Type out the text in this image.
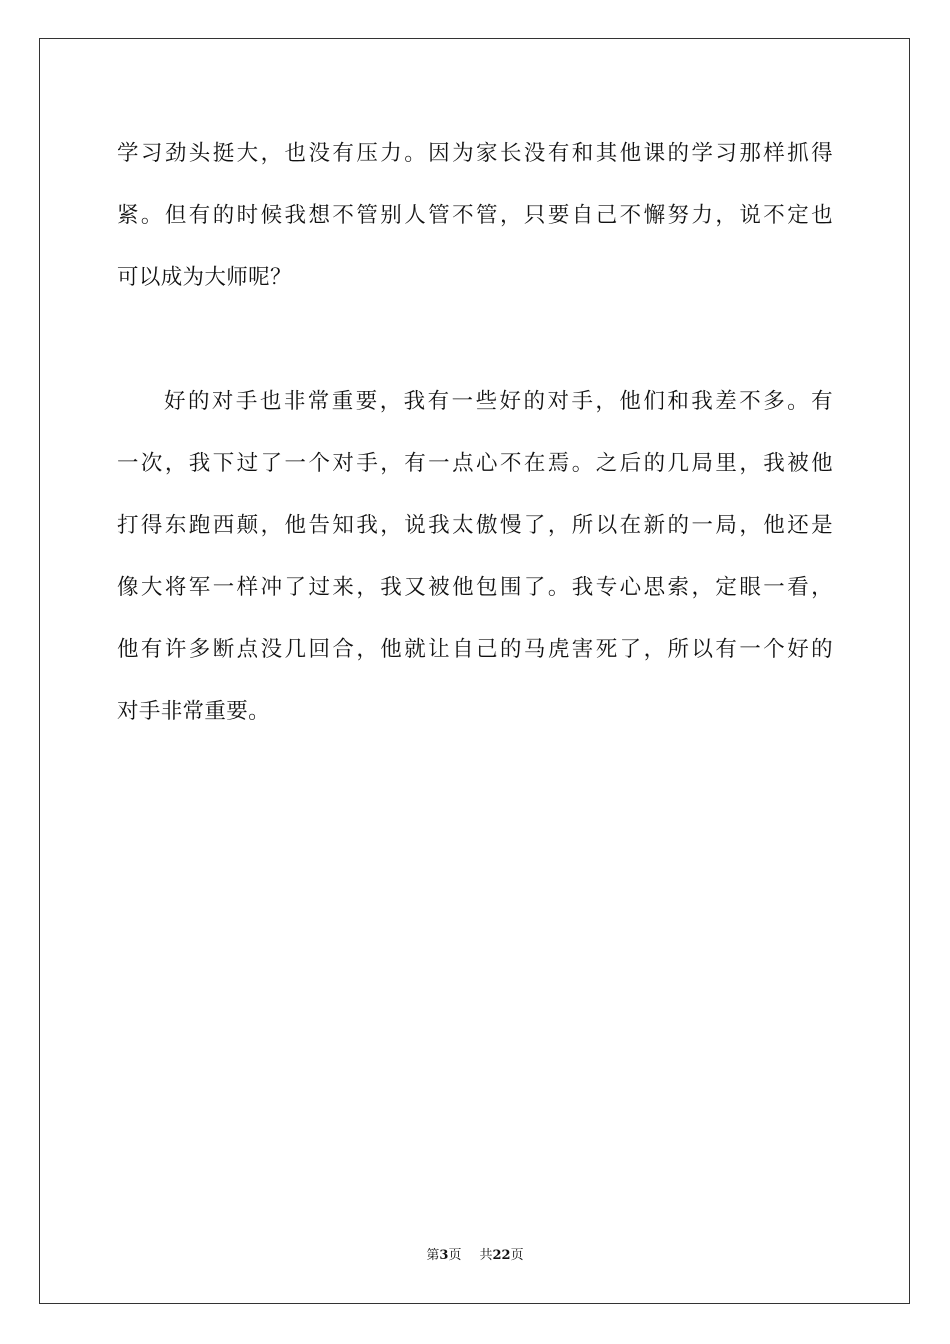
学习劲头挺大，也没有压力。因为家长没有和其他课的学习那样抓得
紧。但有的时候我想不管别人管不管，只要自己不懈努力，说不定也
可以成为大师呢？
好的对手也非常重要，我有一些好的对手，他们和我差不多。有
一次，我下过了一个对手，有一点心不在焉。之后的几局里，我被他
打得东跑西颠，他告知我，说我太傲慢了，所以在新的一局，他还是
像大将军一样冲了过来，我又被他包围了。我专心思索，定眼一看，
他有许多断点没几回合，他就让自己的马虎害死了，所以有一个好的
对手非常重要。
第3页 共22页
